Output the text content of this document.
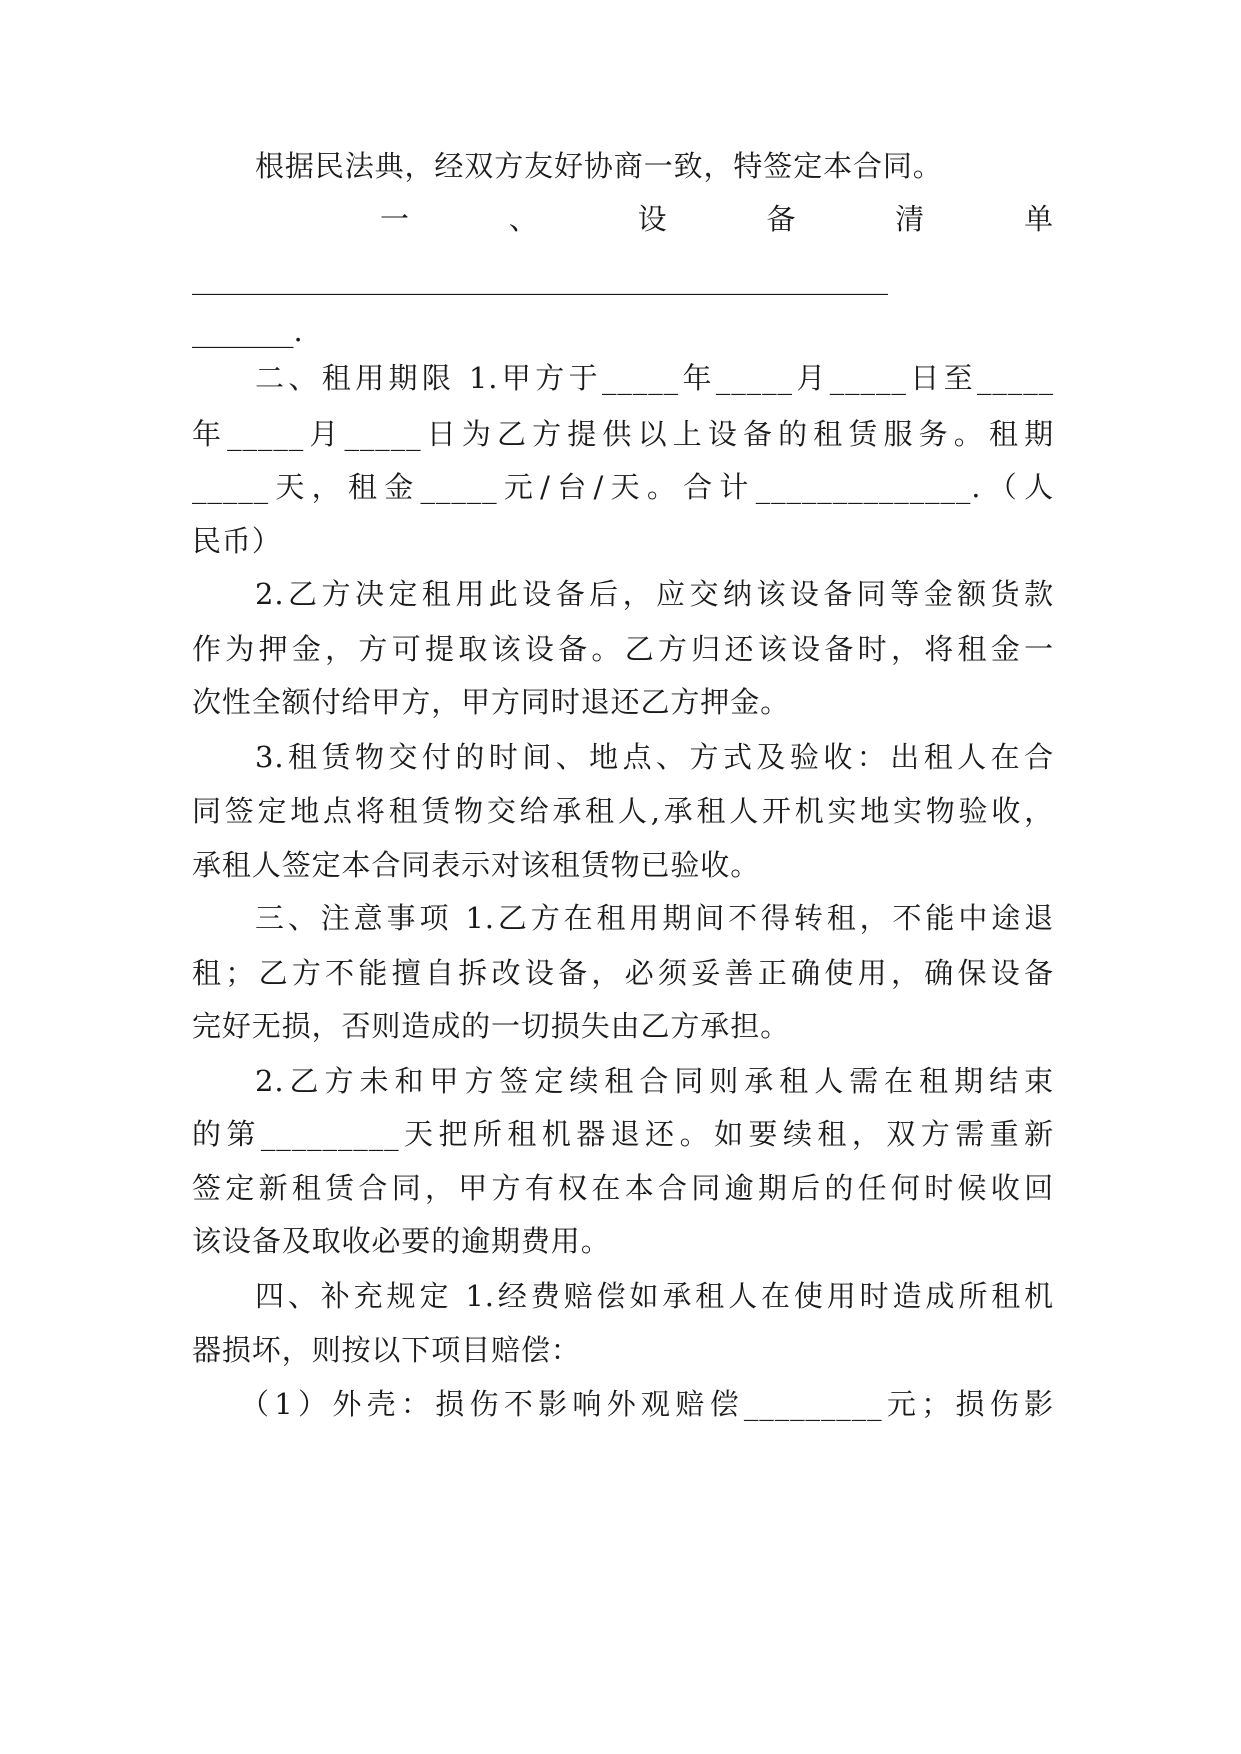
根据民法典，经双方友好协商一致，特签定本合同。
一 、 设 备 清 单
________________________________________________
_______.
二、租用期限 1.甲方于_____年_____月_____日至_____
年_____月_____日为乙方提供以上设备的租赁服务。租期
_____天，租金_____元/台/天。合计______________.（人
民币）
2.乙方决定租用此设备后，应交纳该设备同等金额货款
作为押金，方可提取该设备。乙方归还该设备时，将租金一
次性全额付给甲方，甲方同时退还乙方押金。
3.租赁物交付的时间、地点、方式及验收：出租人在合
同签定地点将租赁物交给承租人,承租人开机实地实物验收，
承租人签定本合同表示对该租赁物已验收。
三、注意事项 1.乙方在租用期间不得转租，不能中途退
租；乙方不能擅自拆改设备，必须妥善正确使用，确保设备
完好无损，否则造成的一切损失由乙方承担。
2.乙方未和甲方签定续租合同则承租人需在租期结束
的第_________天把所租机器退还。如要续租，双方需重新
签定新租赁合同，甲方有权在本合同逾期后的任何时候收回
该设备及取收必要的逾期费用。
四、补充规定 1.经费赔偿如承租人在使用时造成所租机
器损坏，则按以下项目赔偿：
（1）外壳：损伤不影响外观赔偿_________元；损伤影
